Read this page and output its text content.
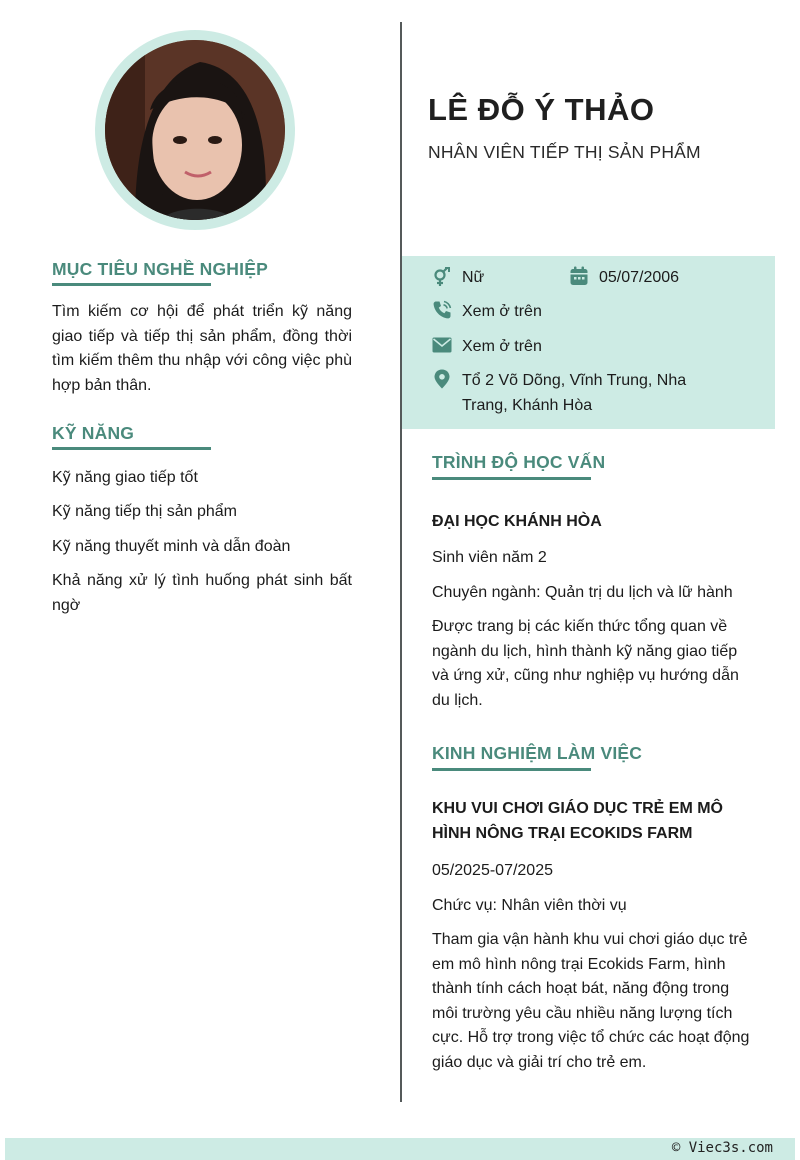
LÊ ĐỖ Ý THẢO
NHÂN VIÊN TIẾP THỊ SẢN PHẨM
MỤC TIÊU NGHỀ NGHIỆP
Tìm kiếm cơ hội để phát triển kỹ năng giao tiếp và tiếp thị sản phẩm, đồng thời tìm kiếm thêm thu nhập với công việc phù hợp bản thân.
KỸ NĂNG
Kỹ năng giao tiếp tốt
Kỹ năng tiếp thị sản phẩm
Kỹ năng thuyết minh và dẫn đoàn
Khả năng xử lý tình huống phát sinh bất ngờ
Nữ	05/07/2006
Xem ở trên
Xem ở trên
Tổ 2 Võ Dõng, Vĩnh Trung, Nha Trang, Khánh Hòa
TRÌNH ĐỘ HỌC VẤN
ĐẠI HỌC KHÁNH HÒA
Sinh viên năm 2
Chuyên ngành: Quản trị du lịch và lữ hành
Được trang bị các kiến thức tổng quan về ngành du lịch, hình thành kỹ năng giao tiếp và ứng xử, cũng như nghiệp vụ hướng dẫn du lịch.
KINH NGHIỆM LÀM VIỆC
KHU VUI CHƠI GIÁO DỤC TRẺ EM MÔ HÌNH NÔNG TRẠI ECOKIDS FARM
05/2025-07/2025
Chức vụ: Nhân viên thời vụ
Tham gia vận hành khu vui chơi giáo dục trẻ em mô hình nông trại Ecokids Farm, hình thành tính cách hoạt bát, năng động trong môi trường yêu cầu nhiều năng lượng tích cực. Hỗ trợ trong việc tổ chức các hoạt động giáo dục và giải trí cho trẻ em.
© Viec3s.com
